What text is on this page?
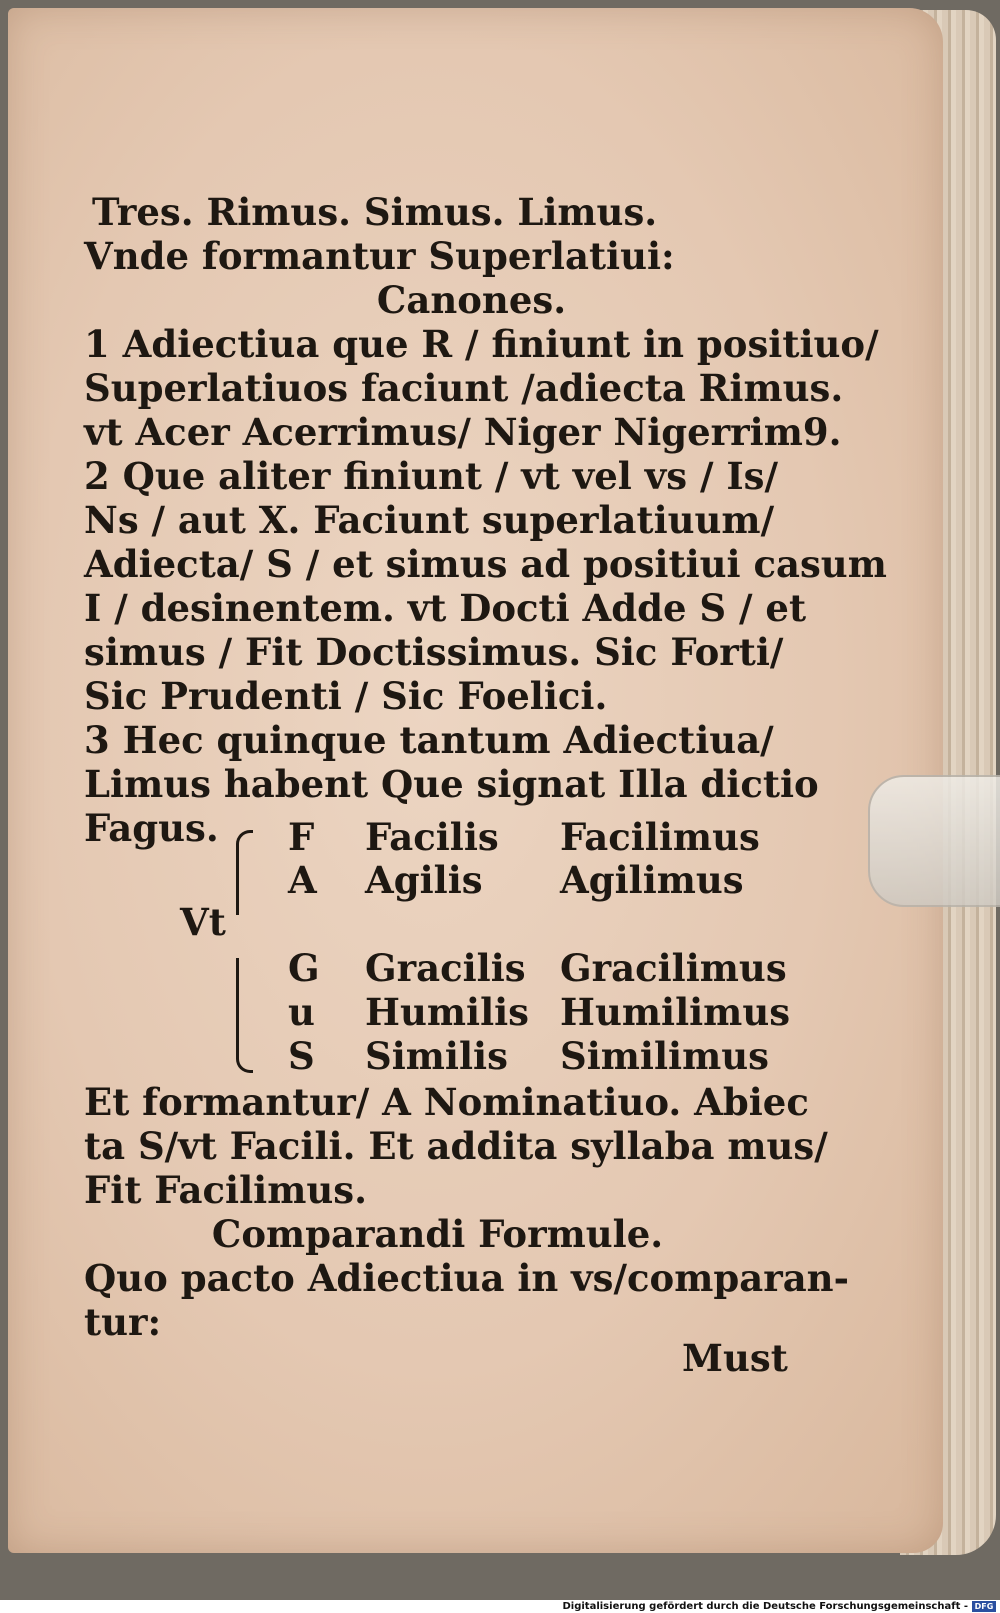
Tres. Rimus. Simus. Limus.
Vnde formantur Superlatiui:
Canones.
1 Adiectiua que R / finiunt in positiuo/
Superlatiuos faciunt /adiecta Rimus.
vt Acer Acerrimus/ Niger Nigerrim9.
2 Que aliter finiunt / vt vel vs / Is/
Ns / aut X. Faciunt superlatiuum/
Adiecta/ S / et simus ad positiui casum
I / desinentem. vt Docti Adde S / et
simus / Fit Doctissimus. Sic Forti/
Sic Prudenti / Sic Foelici.
3 Hec quinque tantum Adiectiua/
Limus habent Que signat Illa dictio
Fagus.
Vt
F Facilis Facilimus
A Agilis Agilimus
G Gracilis Gracilimus
u Humilis Humilimus
S Similis Similimus
Et formantur/ A Nominatiuo. Abiec
ta S/vt Facili. Et addita syllaba mus/
Fit Facilimus.
Comparandi Formule.
Quo pacto Adiectiua in vs/comparan-
tur:
Must
Digitalisierung gefördert durch die Deutsche Forschungsgemeinschaft - DFG
